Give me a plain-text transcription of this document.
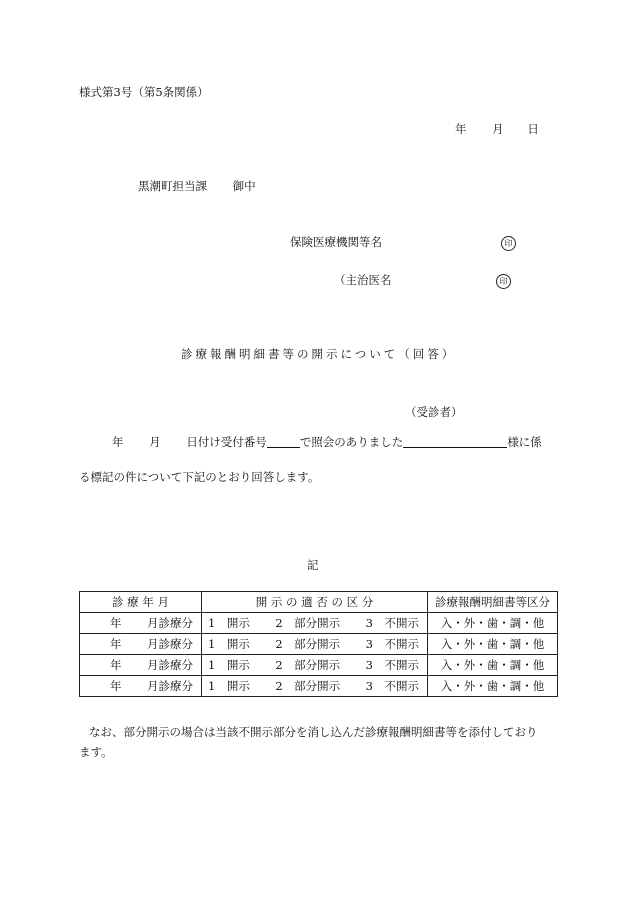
様式第3号（第5条関係）
年 月 日
黒潮町担当課 御中
保険医療機関等名	印
（主治医名	印
診療報酬明細書等の開示について（回答）
（受診者）
年 月 日付け受付番号	で照会のありました	様に係
る標記の件について下記のとおり回答します。
記
診 療 年 月	開 示 の 適 否 の 区 分	診療報酬明細書等区分

年 月診療分	1　開示 2　部分開示 3　不開示	入・外・歯・調・他

年 月診療分	1　開示 2　部分開示 3　不開示	入・外・歯・調・他

年 月診療分	1　開示 2　部分開示 3　不開示	入・外・歯・調・他

年 月診療分	1　開示 2　部分開示 3　不開示	入・外・歯・調・他
なお、部分開示の場合は当該不開示部分を消し込んだ診療報酬明細書等を添付しており
ます。
